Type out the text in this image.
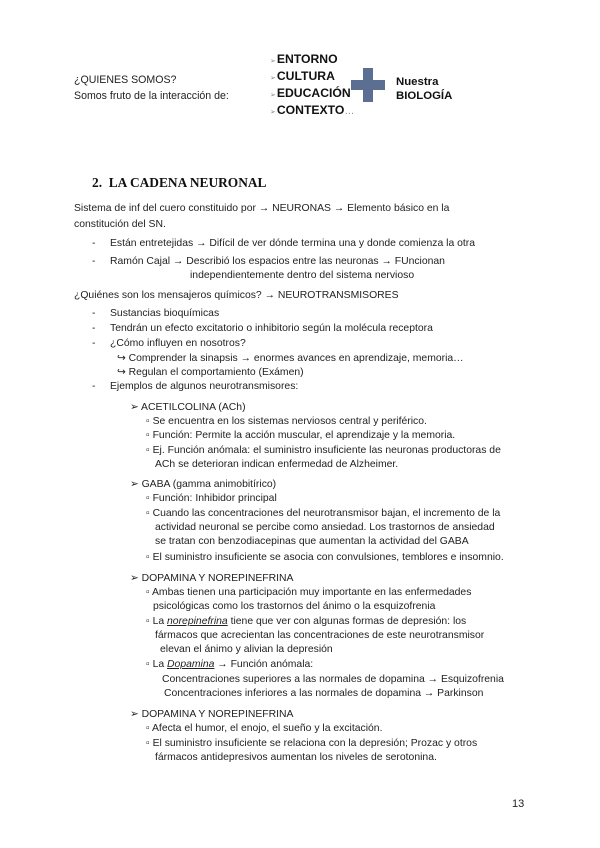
¿QUIENES SOMOS?
Somos fruto de la interacción de:
➢ENTORNO
➢CULTURA
➢EDUCACIÓN
➢CONTEXTO…
Nuestra BIOLOGÍA
2. LA CADENA NEURONAL
Sistema de inf del cuero constituido por → NEURONAS → Elemento básico en la
constitución del SN.
- Están entretejidas → Difícil de ver dónde termina una y donde comienza la otra
- Ramón Cajal → Describió los espacios entre las neuronas → FUncionan
independientemente dentro del sistema nervioso
¿Quiénes son los mensajeros químicos? → NEUROTRANSMISORES
- Sustancias bioquímicas
- Tendrán un efecto excitatorio o inhibitorio según la molécula receptora
- ¿Cómo influyen en nosotros?
↪ Comprender la sinapsis → enormes avances en aprendizaje, memoria…
↪ Regulan el comportamiento (Exámen)
- Ejemplos de algunos neurotransmisores:
➢ ACETILCOLINA (ACh)
▫ Se encuentra en los sistemas nerviosos central y periférico.
▫ Función: Permite la acción muscular, el aprendizaje y la memoria.
▫ Ej. Función anómala: el suministro insuficiente las neuronas productoras de
ACh se deterioran indican enfermedad de Alzheimer.
➢ GABA (gamma animobitírico)
▫ Función: Inhibidor principal
▫ Cuando las concentraciones del neurotransmisor bajan, el incremento de la
actividad neuronal se percibe como ansiedad. Los trastornos de ansiedad
se tratan con benzodiacepinas que aumentan la actividad del GABA
▫ El suministro insuficiente se asocia con convulsiones, temblores e insomnio.
➢ DOPAMINA Y NOREPINEFRINA
▫ Ambas tienen una participación muy importante en las enfermedades
psicológicas como los trastornos del ánimo o la esquizofrenia
▫ La norepinefrina tiene que ver con algunas formas de depresión: los
fármacos que acrecientan las concentraciones de este neurotransmisor
elevan el ánimo y alivian la depresión
▫ La Dopamina → Función anómala:
Concentraciones superiores a las normales de dopamina → Esquizofrenia
Concentraciones inferiores a las normales de dopamina → Parkinson
➢ DOPAMINA Y NOREPINEFRINA
▫ Afecta el humor, el enojo, el sueño y la excitación.
▫ El suministro insuficiente se relaciona con la depresión; Prozac y otros
fármacos antidepresivos aumentan los niveles de serotonina.
13
